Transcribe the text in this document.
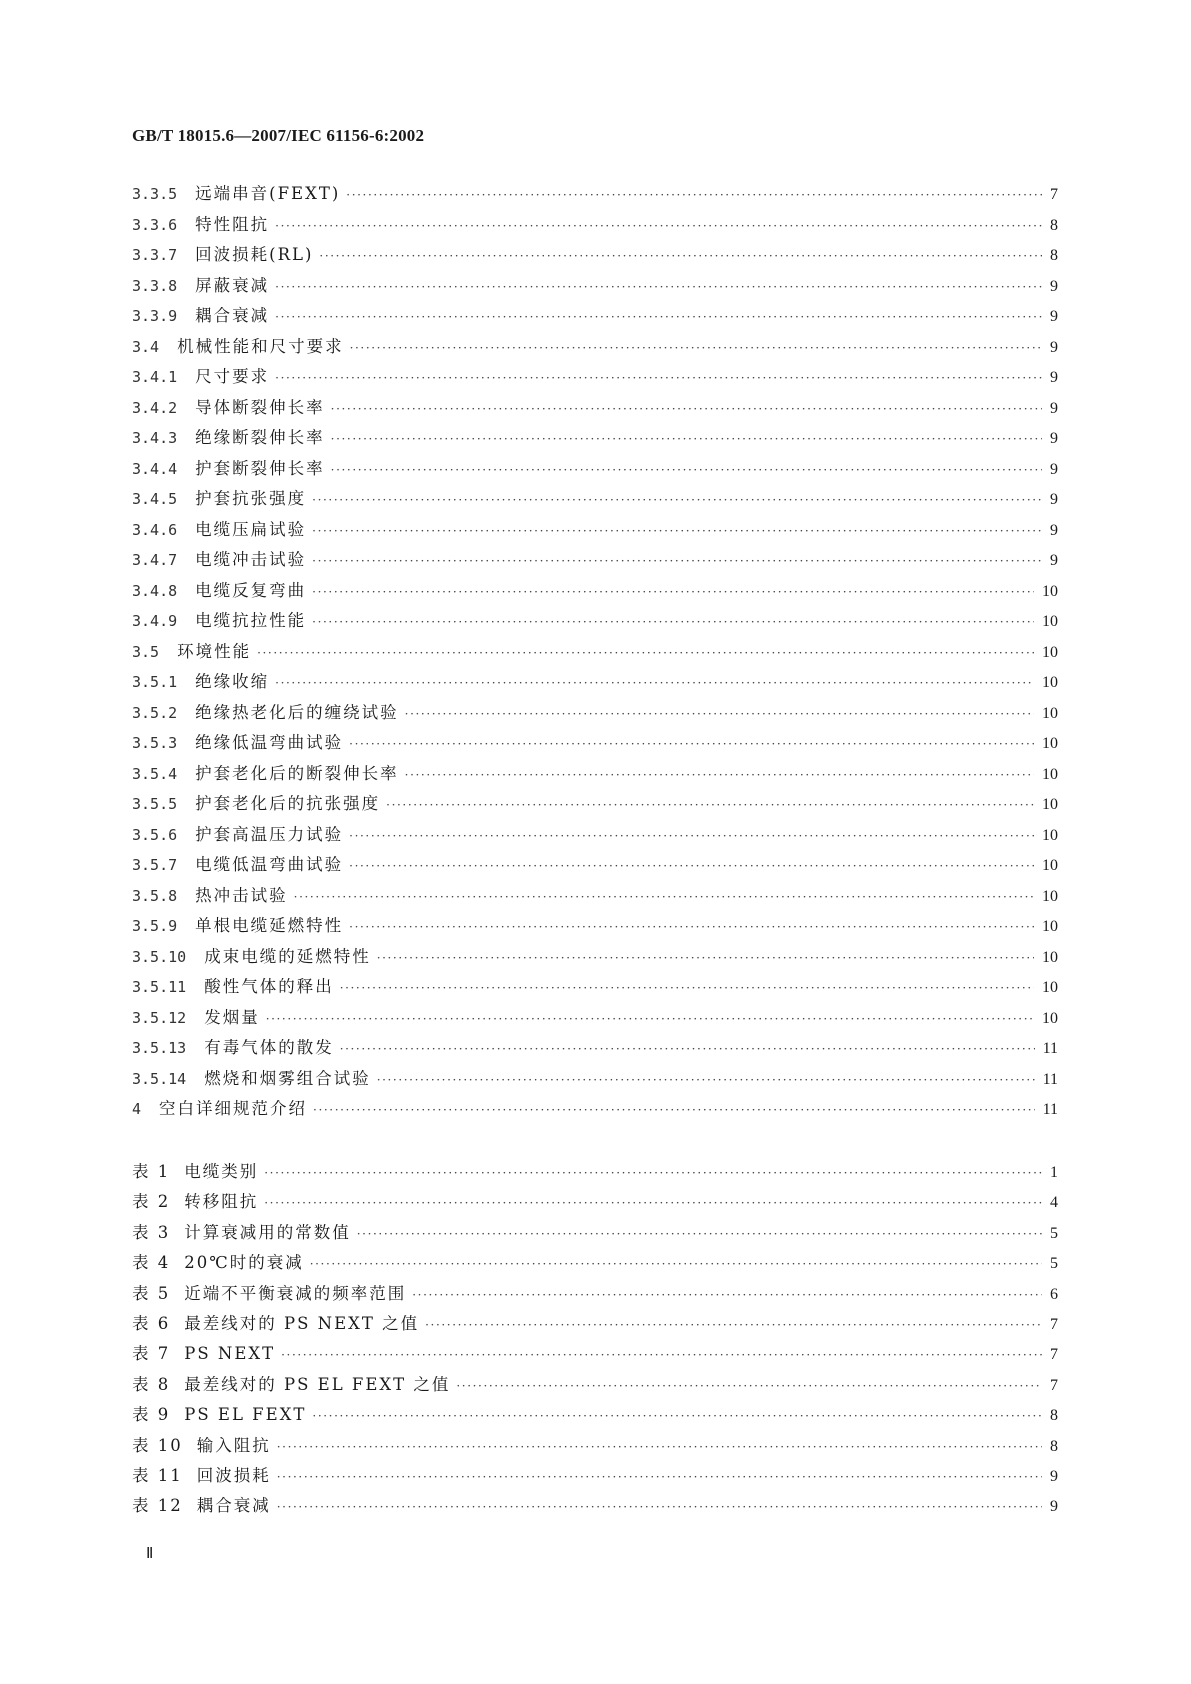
GB/T 18015.6—2007/IEC 61156-6:2002
3.3.5 远端串音(FEXT) ·····	7
3.3.6 特性阻抗 ·····	8
3.3.7 回波损耗(RL) ·····	8
3.3.8 屏蔽衰减 ·····	9
3.3.9 耦合衰减 ·····	9
3.4 机械性能和尺寸要求 ·····	9
3.4.1 尺寸要求 ·····	9
3.4.2 导体断裂伸长率 ·····	9
3.4.3 绝缘断裂伸长率 ·····	9
3.4.4 护套断裂伸长率 ·····	9
3.4.5 护套抗张强度 ·····	9
3.4.6 电缆压扁试验 ·····	9
3.4.7 电缆冲击试验 ·····	9
3.4.8 电缆反复弯曲 ·····	10
3.4.9 电缆抗拉性能 ·····	10
3.5 环境性能 ·····	10
3.5.1 绝缘收缩 ·····	10
3.5.2 绝缘热老化后的缠绕试验 ·····	10
3.5.3 绝缘低温弯曲试验 ·····	10
3.5.4 护套老化后的断裂伸长率 ·····	10
3.5.5 护套老化后的抗张强度 ·····	10
3.5.6 护套高温压力试验 ·····	10
3.5.7 电缆低温弯曲试验 ·····	10
3.5.8 热冲击试验 ·····	10
3.5.9 单根电缆延燃特性 ·····	10
3.5.10 成束电缆的延燃特性 ·····	10
3.5.11 酸性气体的释出 ·····	10
3.5.12 发烟量 ·····	10
3.5.13 有毒气体的散发 ·····	11
3.5.14 燃烧和烟雾组合试验 ·····	11
4 空白详细规范介绍 ·····	11
表 1 电缆类别 ·····	1
表 2 转移阻抗 ·····	4
表 3 计算衰减用的常数值 ·····	5
表 4 20℃时的衰减 ·····	5
表 5 近端不平衡衰减的频率范围 ·····	6
表 6 最差线对的 PS NEXT 之值 ·····	7
表 7 PS NEXT ·····	7
表 8 最差线对的 PS EL FEXT 之值 ·····	7
表 9 PS EL FEXT ·····	8
表 10 输入阻抗 ·····	8
表 11 回波损耗 ·····	9
表 12 耦合衰减 ·····	9
Ⅱ
